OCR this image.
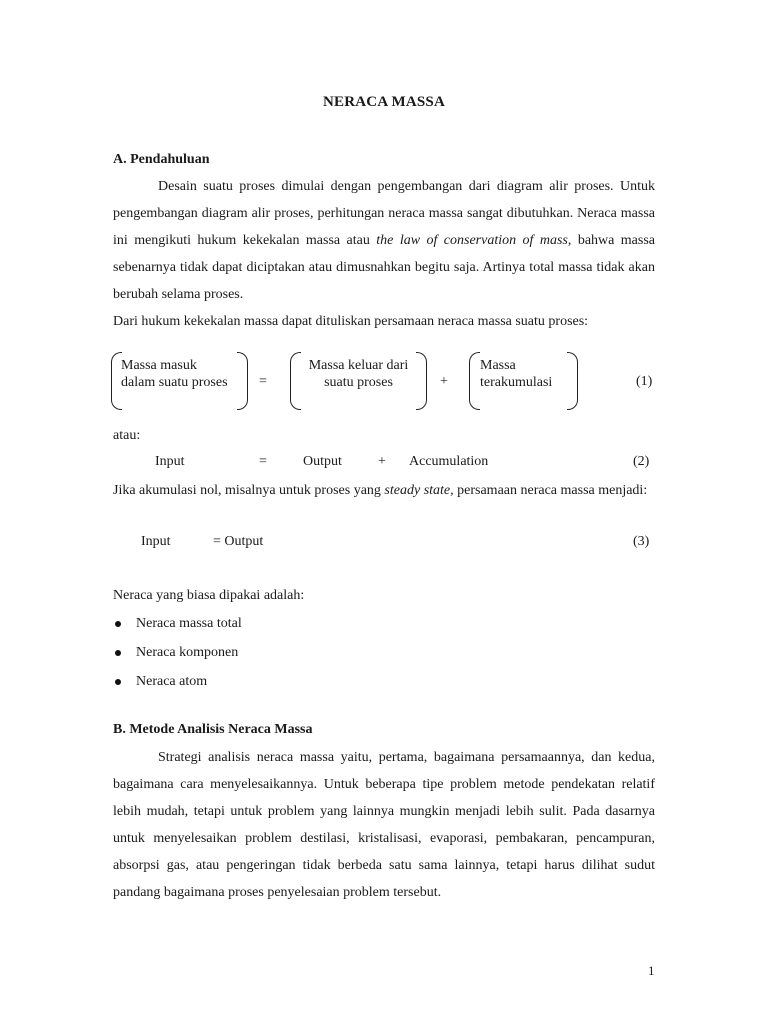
NERACA MASSA
A. Pendahuluan
Desain suatu proses dimulai dengan pengembangan dari diagram alir proses. Untuk pengembangan diagram alir proses, perhitungan neraca massa sangat dibutuhkan. Neraca massa ini mengikuti hukum kekekalan massa atau the law of conservation of mass, bahwa massa sebenarnya tidak dapat diciptakan atau dimusnahkan begitu saja. Artinya total massa tidak akan berubah selama proses.
Dari hukum kekekalan massa dapat dituliskan persamaan neraca massa suatu proses:
Massa masuk
dalam suatu proses =
Massa keluar dari
suatu proses	+
Massa
terakumulasi	(1)
atau:
Input	=	Output	+ Accumulation	(2)
Jika akumulasi nol, misalnya untuk proses yang steady state, persamaan neraca massa menjadi:
Input	= Output	(3)
Neraca yang biasa dipakai adalah:
Neraca massa total
Neraca komponen
Neraca atom
B. Metode Analisis Neraca Massa
Strategi analisis neraca massa yaitu, pertama, bagaimana persamaannya, dan kedua, bagaimana cara menyelesaikannya. Untuk beberapa tipe problem metode pendekatan relatif lebih mudah, tetapi untuk problem yang lainnya mungkin menjadi lebih sulit. Pada dasarnya untuk menyelesaikan problem destilasi, kristalisasi, evaporasi, pembakaran, pencampuran, absorpsi gas, atau pengeringan tidak berbeda satu sama lainnya, tetapi harus dilihat sudut pandang bagaimana proses penyelesaian problem tersebut.
1
